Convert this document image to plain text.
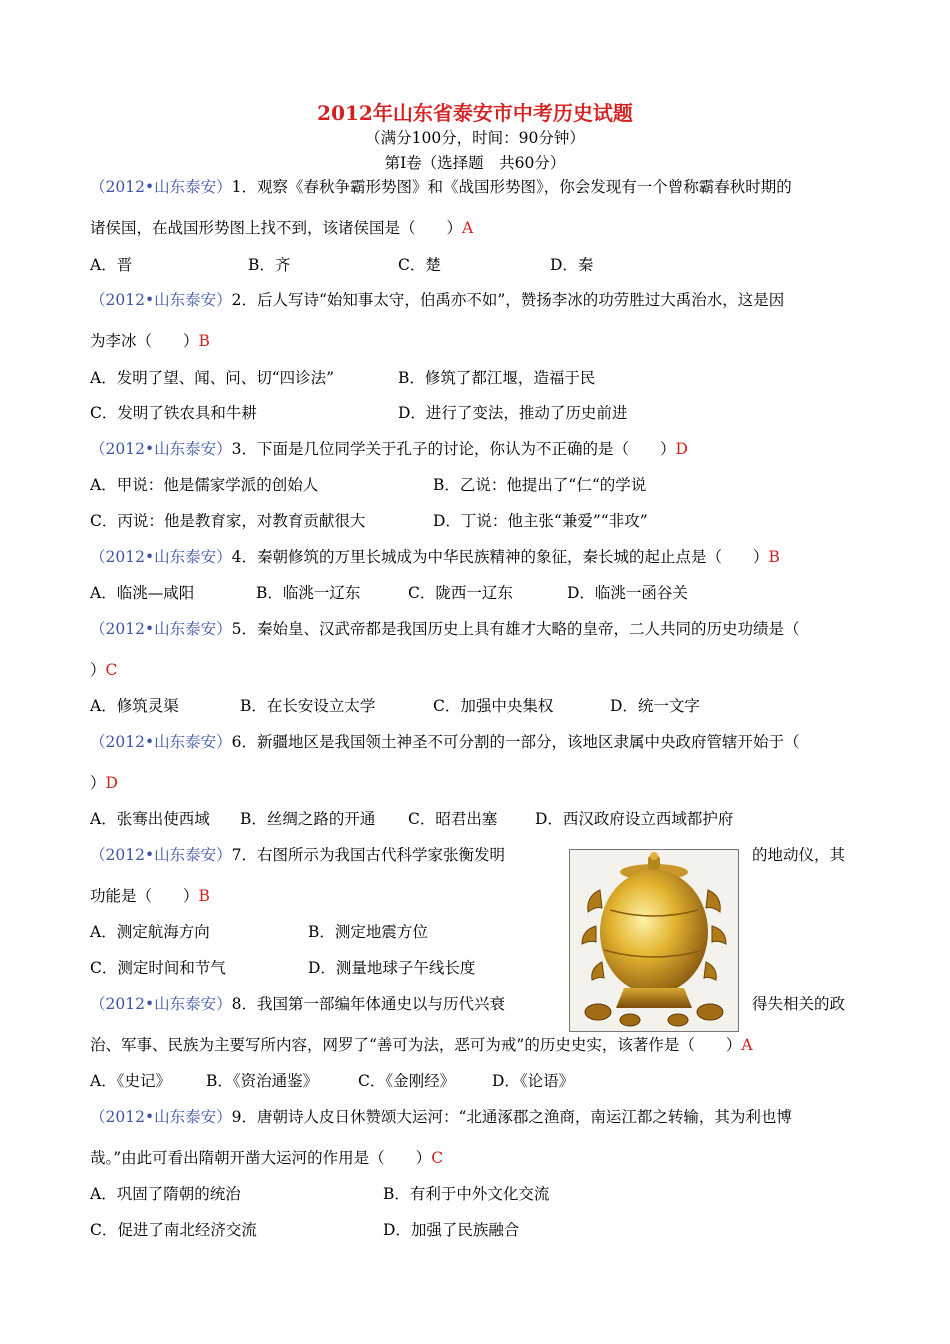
2012年山东省泰安市中考历史试题
（满分100分，时间：90分钟）
第Ⅰ卷（选择题　共60分）
（2012•山东泰安）1．观察《春秋争霸形势图》和《战国形势图》，你会发现有一个曾称霸春秋时期的
诸侯国，在战国形势图上找不到，该诸侯国是（　　）A
A．晋	B．齐	C．楚	D．秦
（2012•山东泰安）2．后人写诗“始知事太守，伯禹亦不如”，赞扬李冰的功劳胜过大禹治水，这是因
为李冰（　　）B
A．发明了望、闻、问、切“四诊法”	B．修筑了都江堰，造福于民
C．发明了铁农具和牛耕	D．进行了变法，推动了历史前进
（2012•山东泰安）3．下面是几位同学关于孔子的讨论，你认为不正确的是（　　）D
A．甲说：他是儒家学派的创始人	B．乙说：他提出了“仁“的学说
C．丙说：他是教育家，对教育贡献很大	D．丁说：他主张“兼爱”“非攻”
（2012•山东泰安）4．秦朝修筑的万里长城成为中华民族精神的象征，秦长城的起止点是（　　）B
A．临洮—咸阳	B．临洮一辽东	C．陇西一辽东	D．临洮一函谷关
（2012•山东泰安）5．秦始皇、汉武帝都是我国历史上具有雄才大略的皇帝，二人共同的历史功绩是（
）C
A．修筑灵渠	B．在长安设立太学	C．加强中央集权	D．统一文字
（2012•山东泰安）6．新疆地区是我国领土神圣不可分割的一部分，该地区隶属中央政府管辖开始于（
）D
A．张骞出使西域 B．丝绸之路的开通 C．昭君出塞 D．西汉政府设立西域都护府
（2012•山东泰安）7．右图所示为我国古代科学家张衡发明	的地动仪，其
功能是（　　）B
A．测定航海方向	B．测定地震方位
C．测定时间和节气	D．测量地球子午线长度
（2012•山东泰安）8．我国第一部编年体通史以与历代兴衰	得失相关的政
治、军事、民族为主要写所内容，网罗了“善可为法，恶可为戒”的历史史实，该著作是（　　）A
A．《史记》 B．《资治通鉴》	C．《金刚经》 D．《论语》
（2012•山东泰安）9．唐朝诗人皮日休赞颂大运河：“北通涿郡之渔商，南运江都之转输，其为利也博
哉。”由此可看出隋朝开凿大运河的作用是（　　）C
A．巩固了隋朝的统治	B．有利于中外文化交流
C．促进了南北经济交流	D．加强了民族融合
